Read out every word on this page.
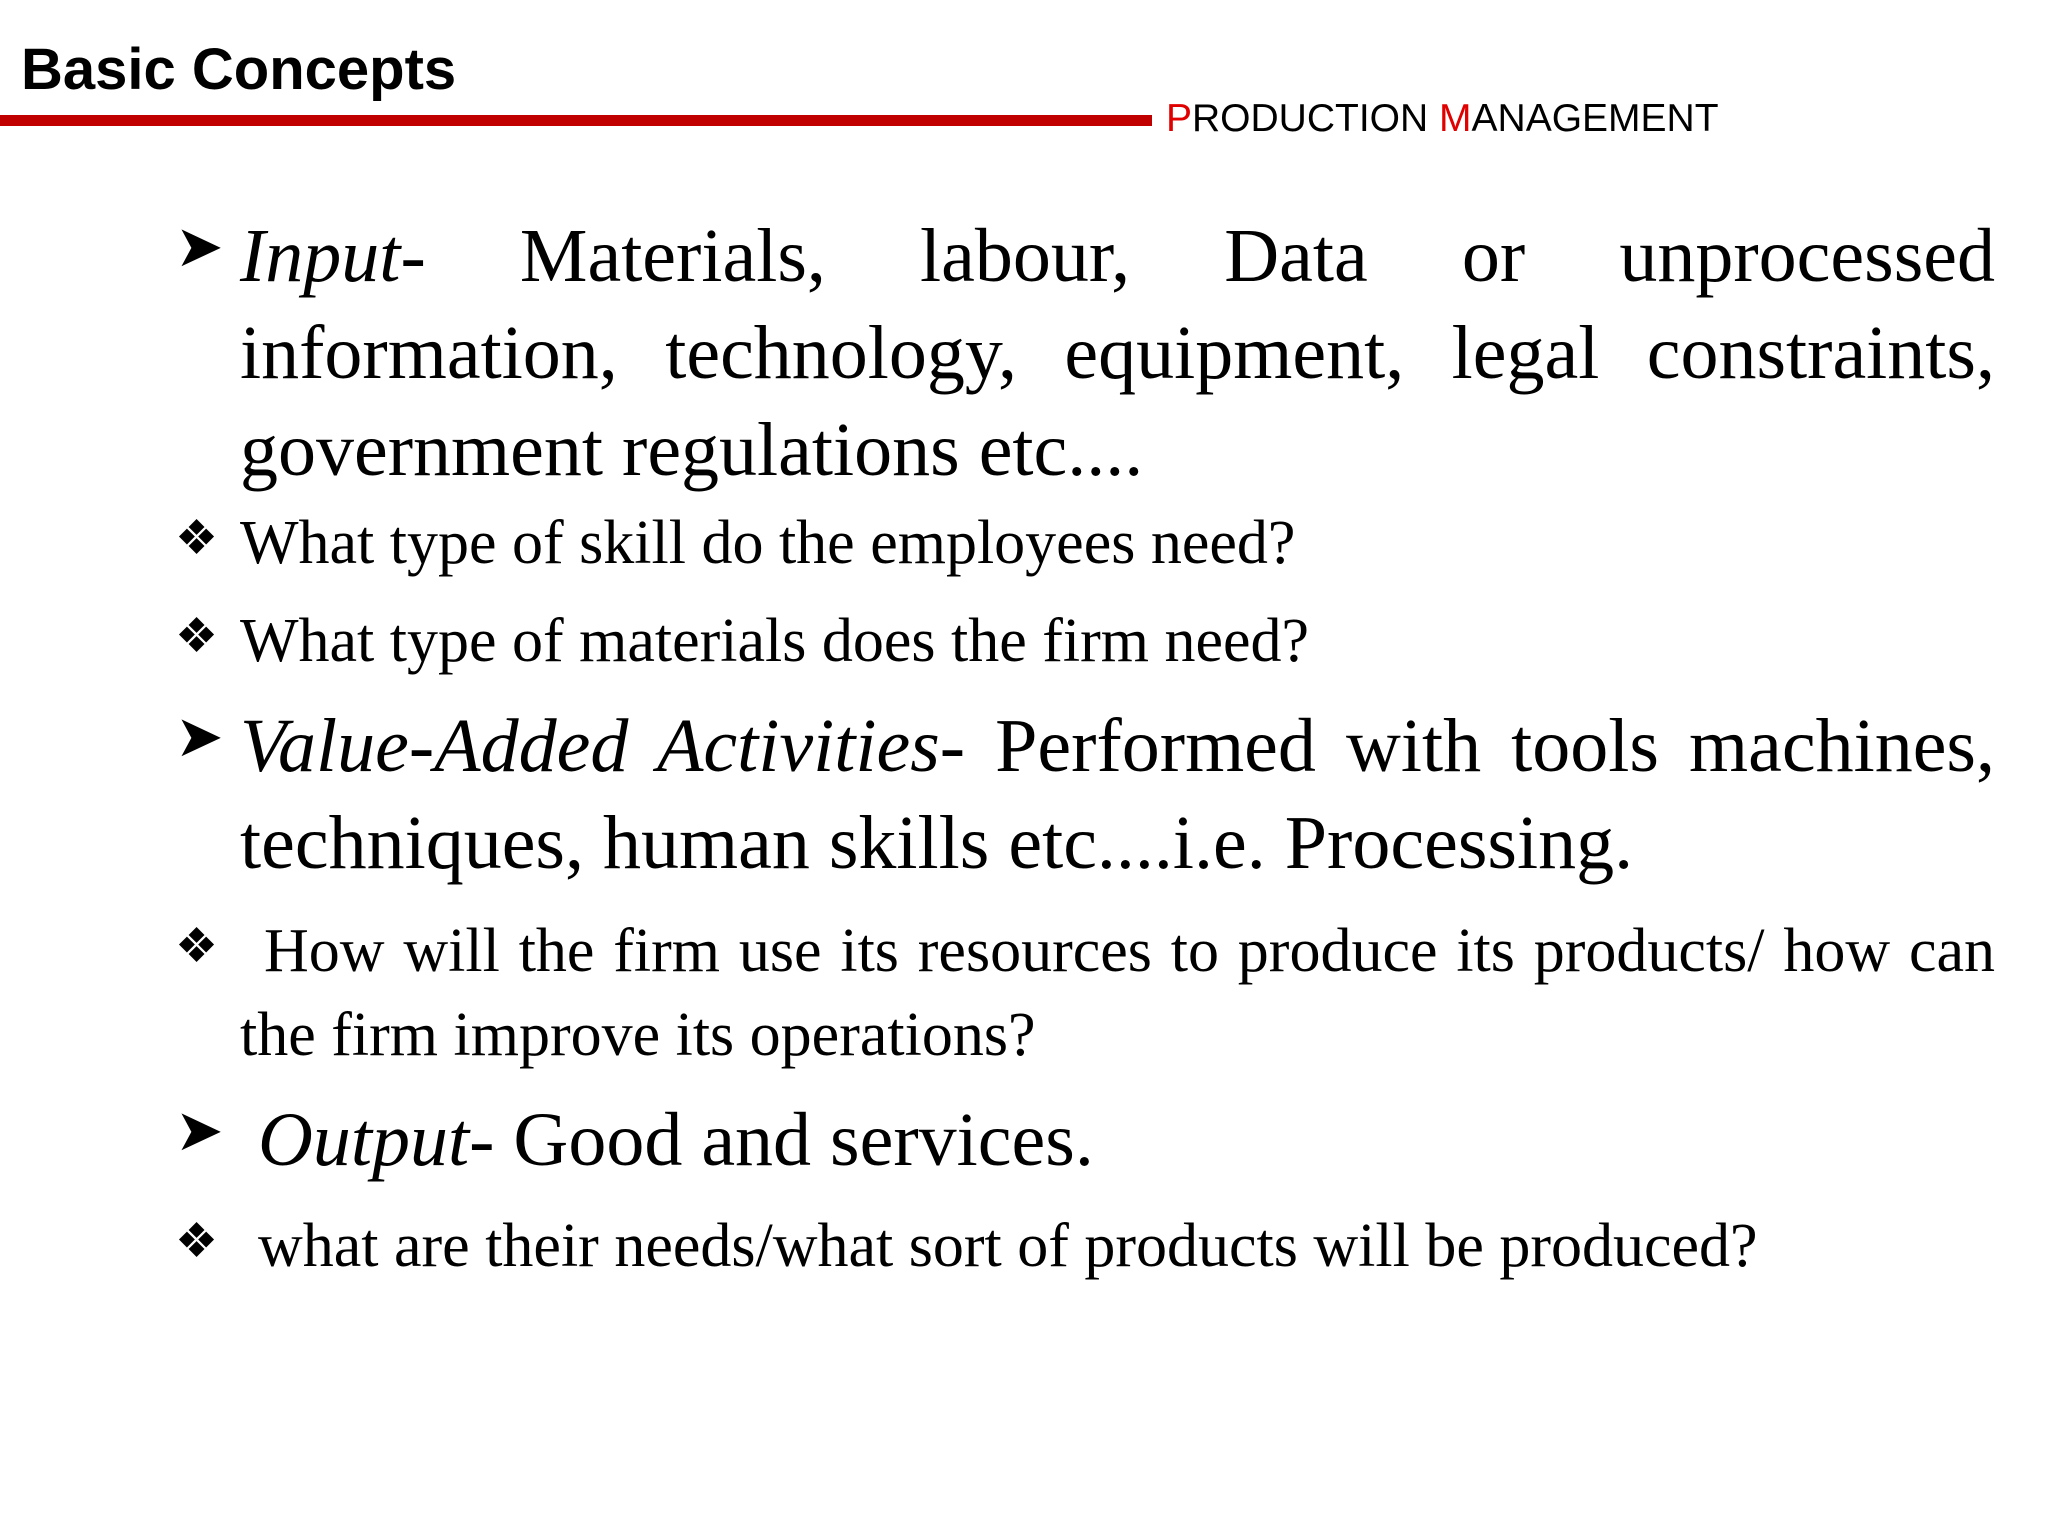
Basic Concepts
PRODUCTION MANAGEMENT
➤ Input- Materials, labour, Data or unprocessed information, technology, equipment, legal constraints, government regulations etc....
❖ What type of skill do the employees need?
❖ What type of materials does the firm need?
➤ Value-Added Activities- Performed with tools machines, techniques, human skills etc....i.e. Processing.
❖ How will the firm use its resources to produce its products/ how can the firm improve its operations?
➤ Output- Good and services.
❖ what are their needs/what sort of products will be produced?
